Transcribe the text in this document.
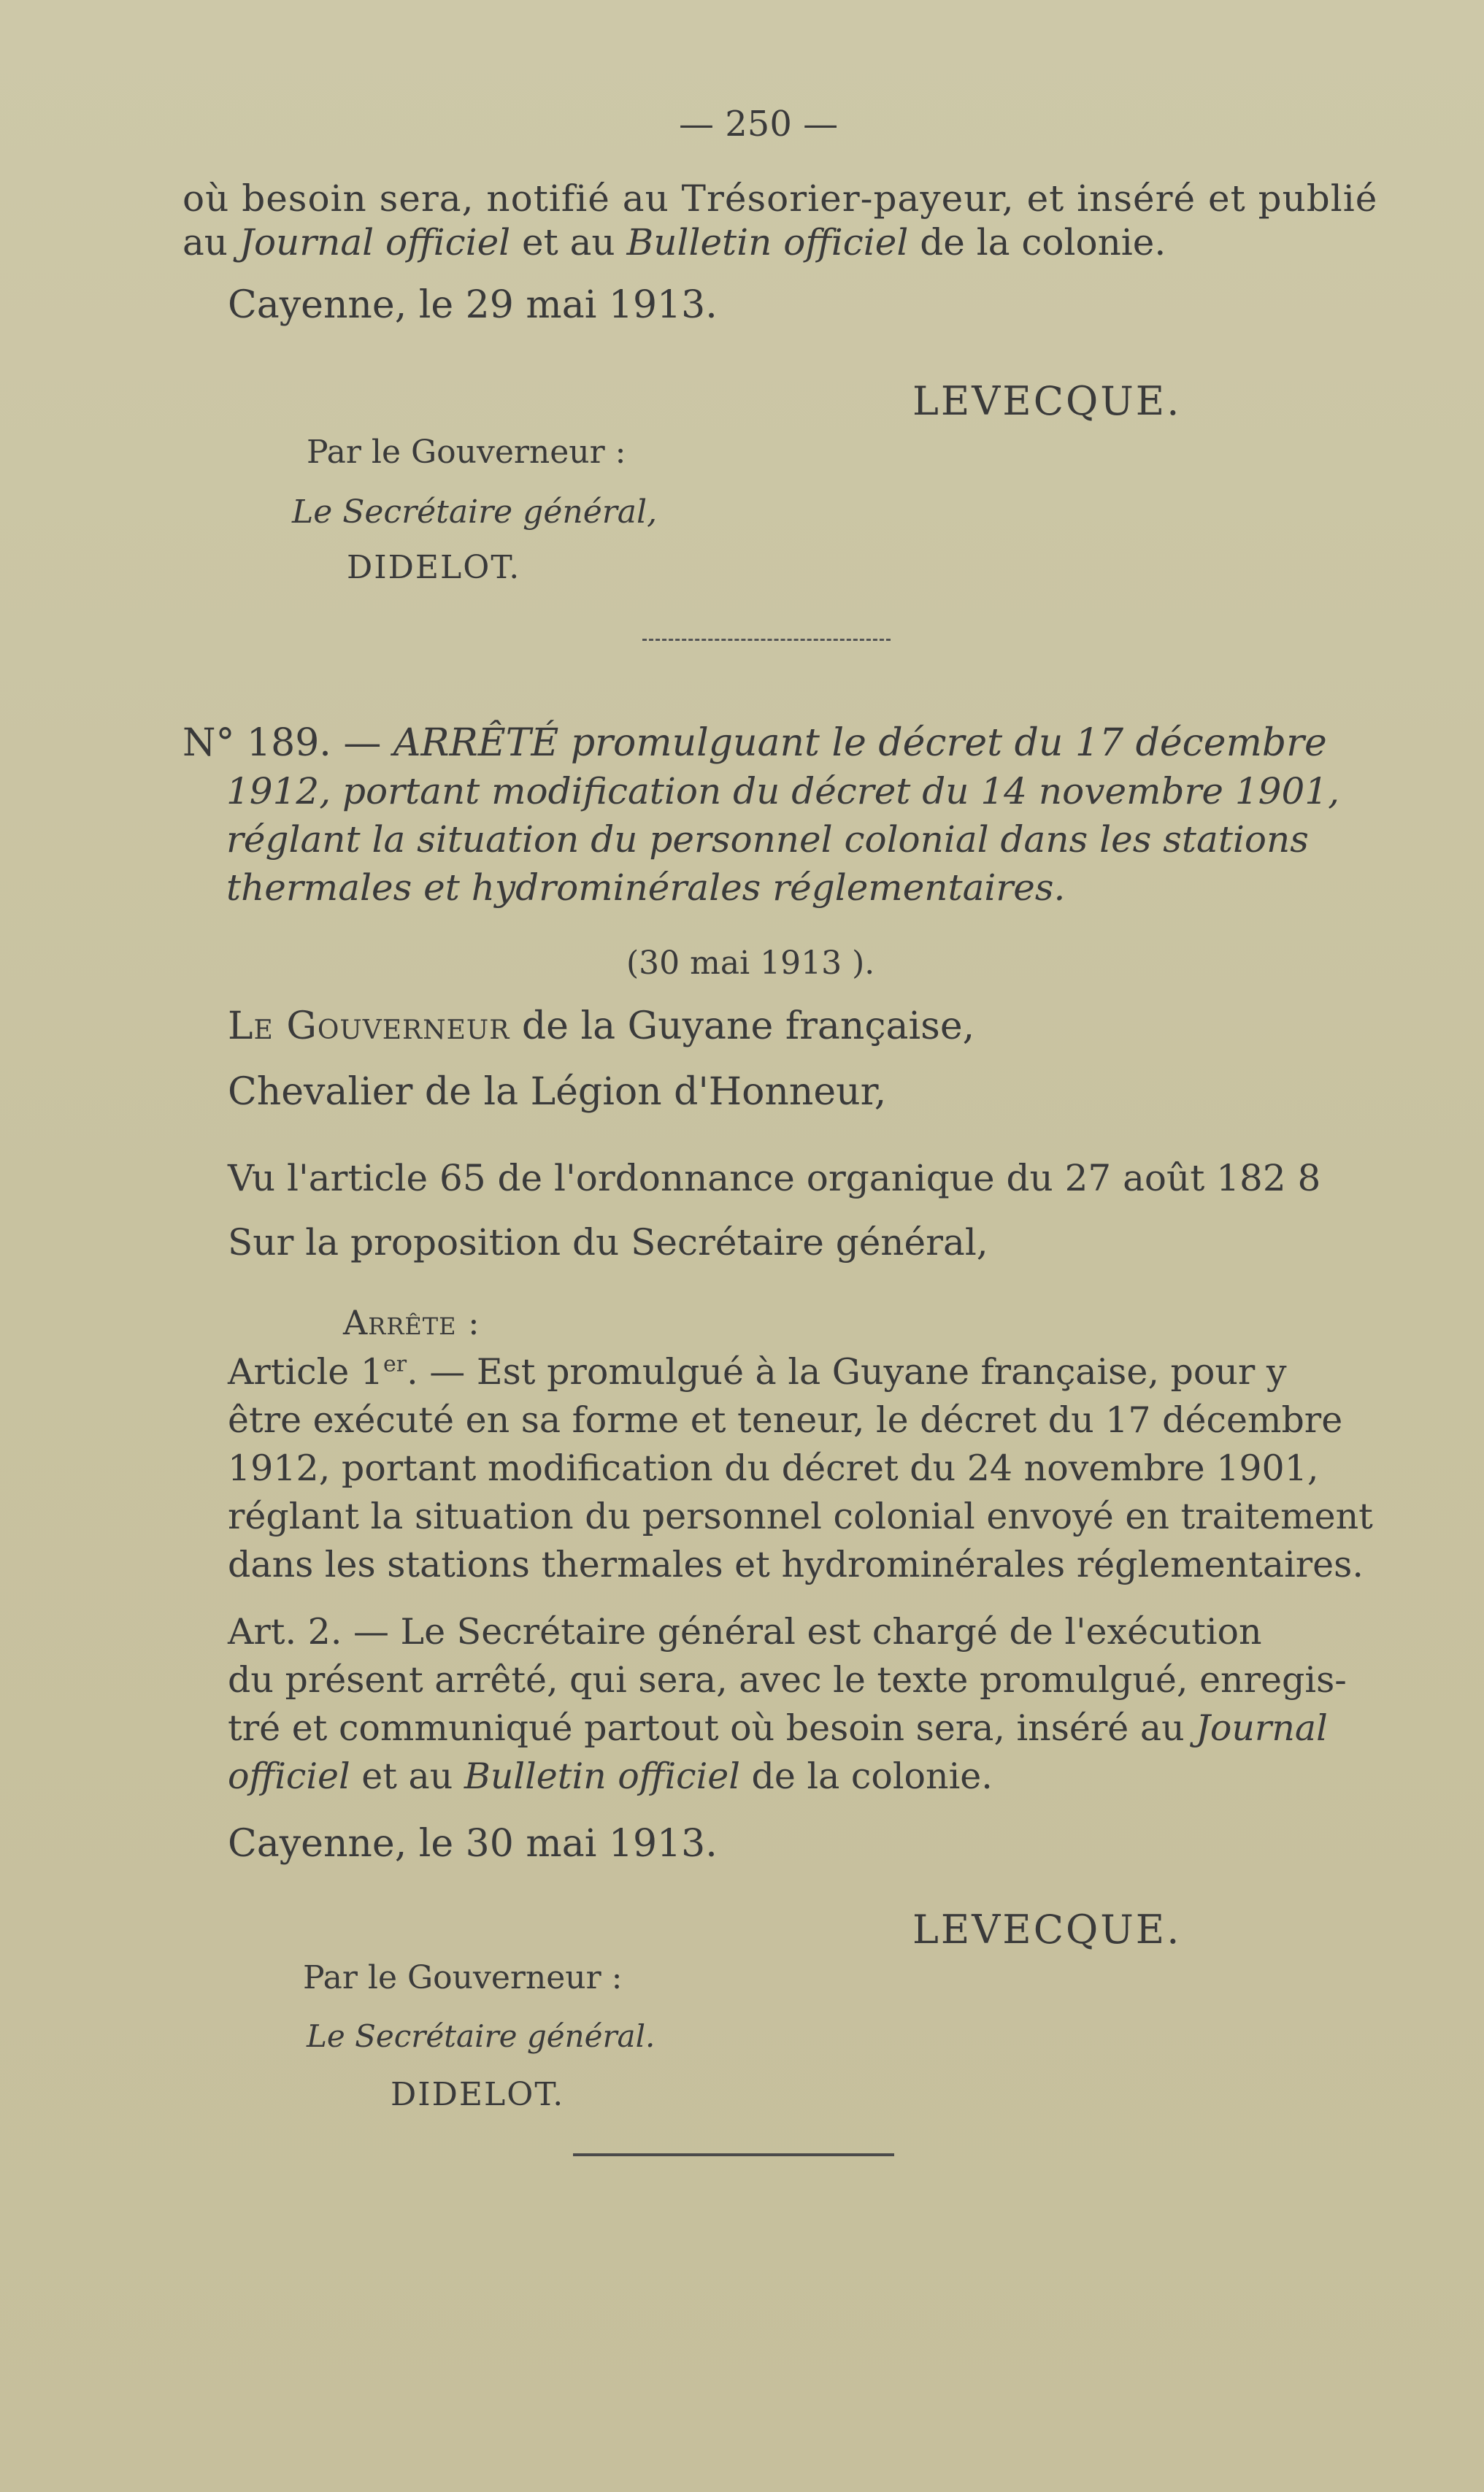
— 250 —
où besoin sera, notifié au Trésorier-payeur, et inséré et publié
au Journal officiel et au Bulletin officiel de la colonie.
Cayenne, le 29 mai 1913.
LEVECQUE.
Par le Gouverneur :
Le Secrétaire général,
DIDELOT.
N° 189. — ARRÊTÉ promulguant le décret du 17 décembre
1912, portant modification du décret du 14 novembre 1901,
réglant la situation du personnel colonial dans les stations
thermales et hydrominérales réglementaires.
(30 mai 1913 ).
Le Gouverneur de la Guyane française,
Chevalier de la Légion d'Honneur,
Vu l'article 65 de l'ordonnance organique du 27 août 182 8
Sur la proposition du Secrétaire général,
Arrête :
Article 1er. — Est promulgué à la Guyane française, pour y
être exécuté en sa forme et teneur, le décret du 17 décembre
1912, portant modification du décret du 24 novembre 1901,
réglant la situation du personnel colonial envoyé en traitement
dans les stations thermales et hydrominérales réglementaires.
Art. 2. — Le Secrétaire général est chargé de l'exécution
du présent arrêté, qui sera, avec le texte promulgué, enregis-
tré et communiqué partout où besoin sera, inséré au Journal
officiel et au Bulletin officiel de la colonie.
Cayenne, le 30 mai 1913.
LEVECQUE.
Par le Gouverneur :
Le Secrétaire général.
DIDELOT.
